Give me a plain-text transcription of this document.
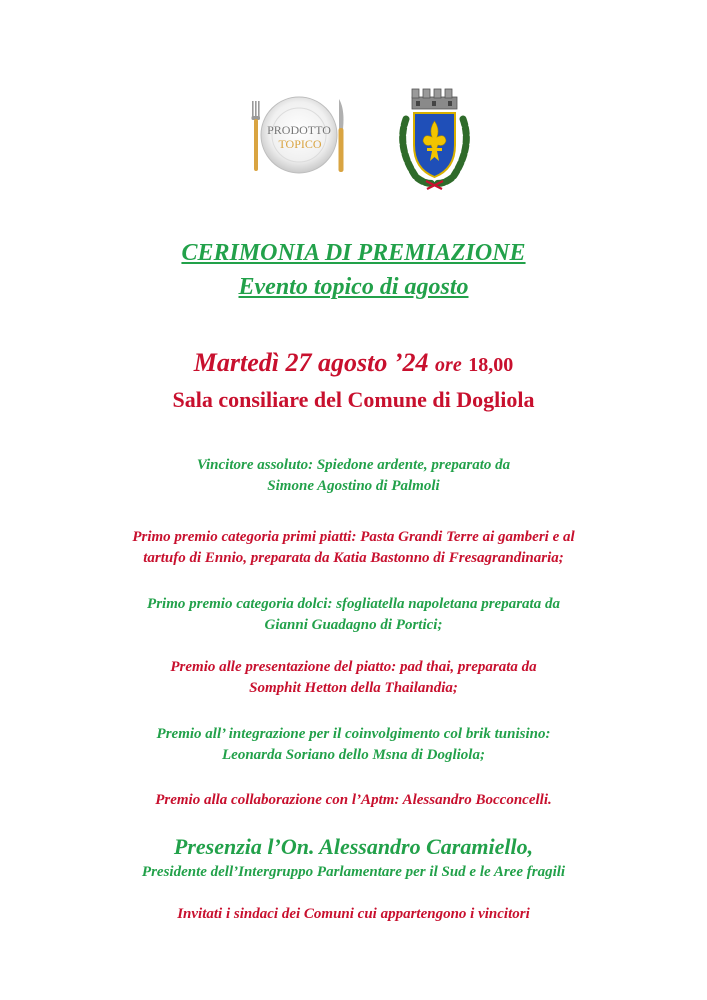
PRODOTTO
TOPICO

CERIMONIA DI PREMIAZIONE

Evento topico di agosto

Martedì 27 agosto ’24 ore 18,00

Sala consiliare del Comune di Dogliola

Vincitore assoluto: Spiedone ardente, preparato da
Simone Agostino di Palmoli

Primo premio categoria primi piatti: Pasta Grandi Terre ai gamberi e al
tartufo di Ennio, preparata da Katia Bastonno di Fresagrandinaria;

Primo premio categoria dolci: sfogliatella napoletana preparata da
Gianni Guadagno di Portici;

Premio alle presentazione del piatto: pad thai, preparata da
Somphit Hetton della Thailandia;

Premio all’ integrazione per il coinvolgimento col brik tunisino:
Leonarda Soriano dello Msna di Dogliola;

Premio alla collaborazione con l’Aptm: Alessandro Bocconcelli.

Presenzia l’On. Alessandro Caramiello,

Presidente dell’Intergruppo Parlamentare per il Sud e le Aree fragili

Invitati i sindaci dei Comuni cui appartengono i vincitori
